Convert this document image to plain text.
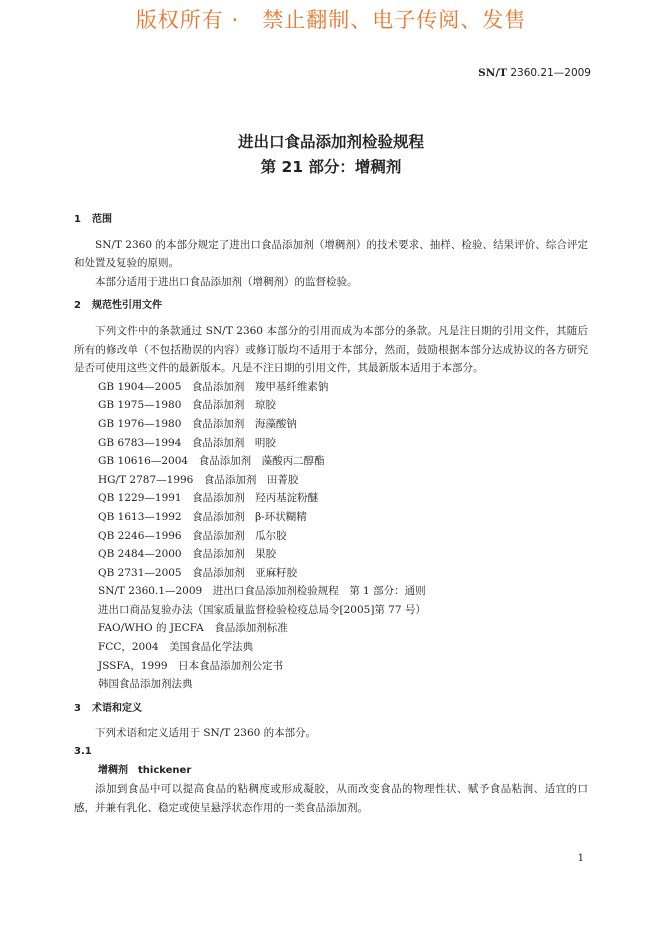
版权所有 ·   禁止翻制、电子传阅、发售
SN/T 2360.21—2009
进出口食品添加剂检验规程
第 21 部分：增稠剂

1 范围

SN/T 2360 的本部分规定了进出口食品添加剂（增稠剂）的技术要求、抽样、检验、结果评价、综合评定和处置及复验的原则。

本部分适用于进出口食品添加剂（增稠剂）的监督检验。

2 规范性引用文件

下列文件中的条款通过 SN/T 2360 本部分的引用而成为本部分的条款。凡是注日期的引用文件，其随后所有的修改单（不包括勘误的内容）或修订版均不适用于本部分，然而，鼓励根据本部分达成协议的各方研究是否可使用这些文件的最新版本。凡是不注日期的引用文件，其最新版本适用于本部分。

GB 1904—2005　食品添加剂　羧甲基纤维素钠
GB 1975—1980　食品添加剂　琼胶
GB 1976—1980　食品添加剂　海藻酸钠
GB 6783—1994　食品添加剂　明胶
GB 10616—2004　食品添加剂　藻酸丙二醇酯
HG/T 2787—1996　食品添加剂　田菁胶
QB 1229—1991　食品添加剂　羟丙基淀粉醚
QB 1613—1992　食品添加剂　β-环状糊精
QB 2246—1996　食品添加剂　瓜尔胶
QB 2484—2000　食品添加剂　果胶
QB 2731—2005　食品添加剂　亚麻籽胶
SN/T 2360.1—2009　进出口食品添加剂检验规程　第 1 部分：通则
进出口商品复验办法（国家质量监督检验检疫总局令[2005]第 77 号）
FAO/WHO 的 JECFA　食品添加剂标准
FCC，2004　美国食品化学法典
JSSFA，1999　日本食品添加剂公定书
韩国食品添加剂法典

3 术语和定义

下列术语和定义适用于 SN/T 2360 的本部分。

3.1

增稠剂　thickener

添加到食品中可以提高食品的粘稠度或形成凝胶，从而改变食品的物理性状、赋予食品粘润、适宜的口感，并兼有乳化、稳定或使呈悬浮状态作用的一类食品添加剂。

1
